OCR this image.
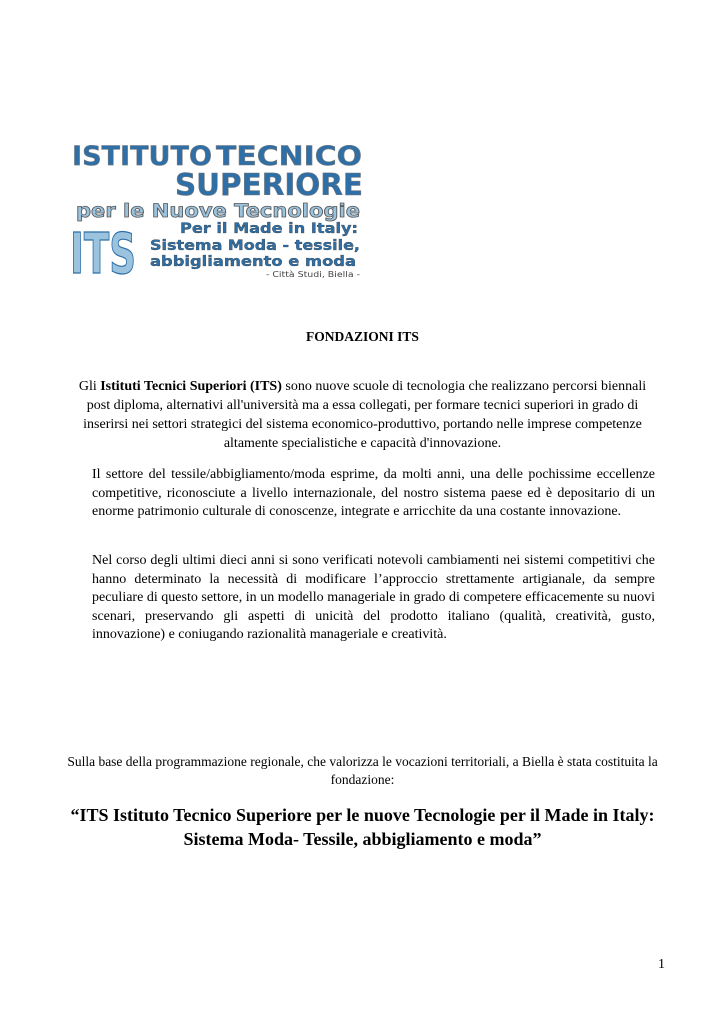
ISTITUTO TECNICO
SUPERIORE
per le Nuove Tecnologie
ITS	Per il Made in Italy:
Sistema Moda - tessile,
abbigliamento e moda
- Città Studi, Biella -
FONDAZIONI ITS
Gli Istituti Tecnici Superiori (ITS) sono nuove scuole di tecnologia che realizzano percorsi biennali post diploma, alternativi all'università ma a essa collegati, per formare tecnici superiori in grado di inserirsi nei settori strategici del sistema economico-produttivo, portando nelle imprese competenze altamente specialistiche e capacità d'innovazione.
Il settore del tessile/abbigliamento/moda esprime, da molti anni, una delle pochissime eccellenze competitive, riconosciute a livello internazionale, del nostro sistema paese ed è depositario di un enorme patrimonio culturale di conoscenze, integrate e arricchite da una costante innovazione.
Nel corso degli ultimi dieci anni si sono verificati notevoli cambiamenti nei sistemi competitivi che hanno determinato la necessità di modificare l’approccio strettamente artigianale, da sempre peculiare di questo settore, in un modello manageriale in grado di competere efficacemente su nuovi scenari, preservando gli aspetti di unicità del prodotto italiano (qualità, creatività, gusto, innovazione) e coniugando razionalità manageriale e creatività.
Sulla base della programmazione regionale, che valorizza le vocazioni territoriali, a Biella è stata costituita la fondazione:
“ITS Istituto Tecnico Superiore per le nuove Tecnologie per il Made in Italy: Sistema Moda- Tessile, abbigliamento e moda”
1
